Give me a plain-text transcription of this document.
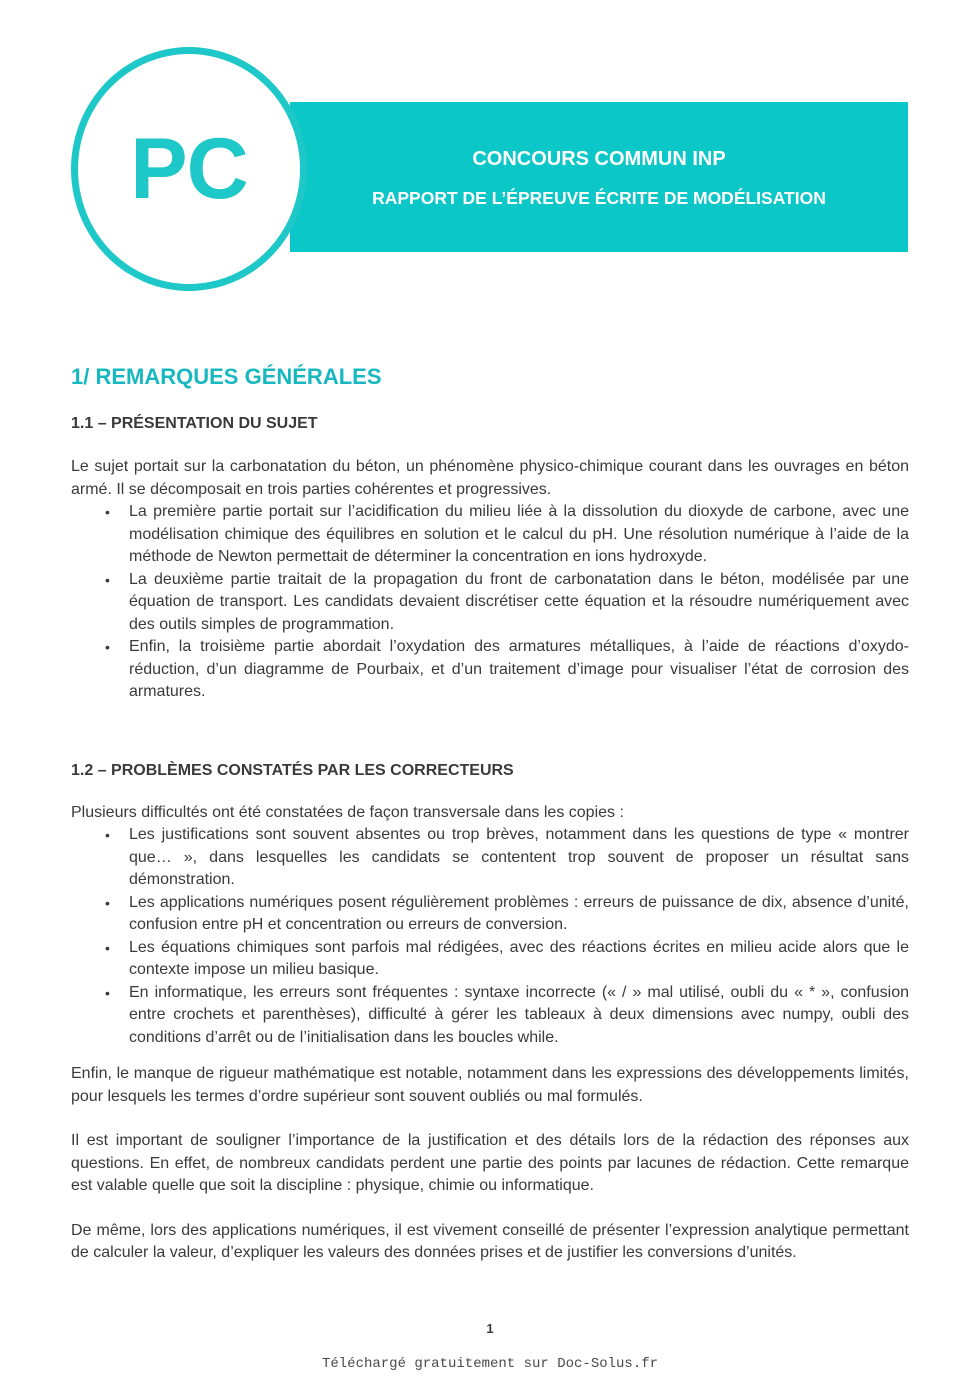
PC	CONCOURS COMMUN INP
RAPPORT DE L’ÉPREUVE ÉCRITE DE MODÉLISATION
1/ REMARQUES GÉNÉRALES
1.1 – PRÉSENTATION DU SUJET

Le sujet portait sur la carbonatation du béton, un phénomène physico-chimique courant dans les ouvrages en béton armé. Il se décomposait en trois parties cohérentes et progressives.

• La première partie portait sur l’acidification du milieu liée à la dissolution du dioxyde de carbone, avec une modélisation chimique des équilibres en solution et le calcul du pH. Une résolution numérique à l’aide de la méthode de Newton permettait de déterminer la concentration en ions hydroxyde.
• La deuxième partie traitait de la propagation du front de carbonatation dans le béton, modélisée par une équation de transport. Les candidats devaient discrétiser cette équation et la résoudre numériquement avec des outils simples de programmation.
• Enfin, la troisième partie abordait l’oxydation des armatures métalliques, à l’aide de réactions d’oxydo-réduction, d’un diagramme de Pourbaix, et d’un traitement d’image pour visualiser l’état de corrosion des armatures.
1.2 – PROBLÈMES CONSTATÉS PAR LES CORRECTEURS

Plusieurs difficultés ont été constatées de façon transversale dans les copies :

• Les justifications sont souvent absentes ou trop brèves, notamment dans les questions de type « montrer que… », dans lesquelles les candidats se contentent trop souvent de proposer un résultat sans démonstration.
• Les applications numériques posent régulièrement problèmes : erreurs de puissance de dix, absence d’unité, confusion entre pH et concentration ou erreurs de conversion.
• Les équations chimiques sont parfois mal rédigées, avec des réactions écrites en milieu acide alors que le contexte impose un milieu basique.
• En informatique, les erreurs sont fréquentes : syntaxe incorrecte (« / » mal utilisé, oubli du « * », confusion entre crochets et parenthèses), difficulté à gérer les tableaux à deux dimensions avec numpy, oubli des conditions d’arrêt ou de l’initialisation dans les boucles while.

Enfin, le manque de rigueur mathématique est notable, notamment dans les expressions des développements limités, pour lesquels les termes d’ordre supérieur sont souvent oubliés ou mal formulés.

Il est important de souligner l’importance de la justification et des détails lors de la rédaction des réponses aux questions. En effet, de nombreux candidats perdent une partie des points par lacunes de rédaction. Cette remarque est valable quelle que soit la discipline : physique, chimie ou informatique.

De même, lors des applications numériques, il est vivement conseillé de présenter l’expression analytique permettant de calculer la valeur, d’expliquer les valeurs des données prises et de justifier les conversions d’unités.

1
Téléchargé gratuitement sur Doc-Solus.fr
